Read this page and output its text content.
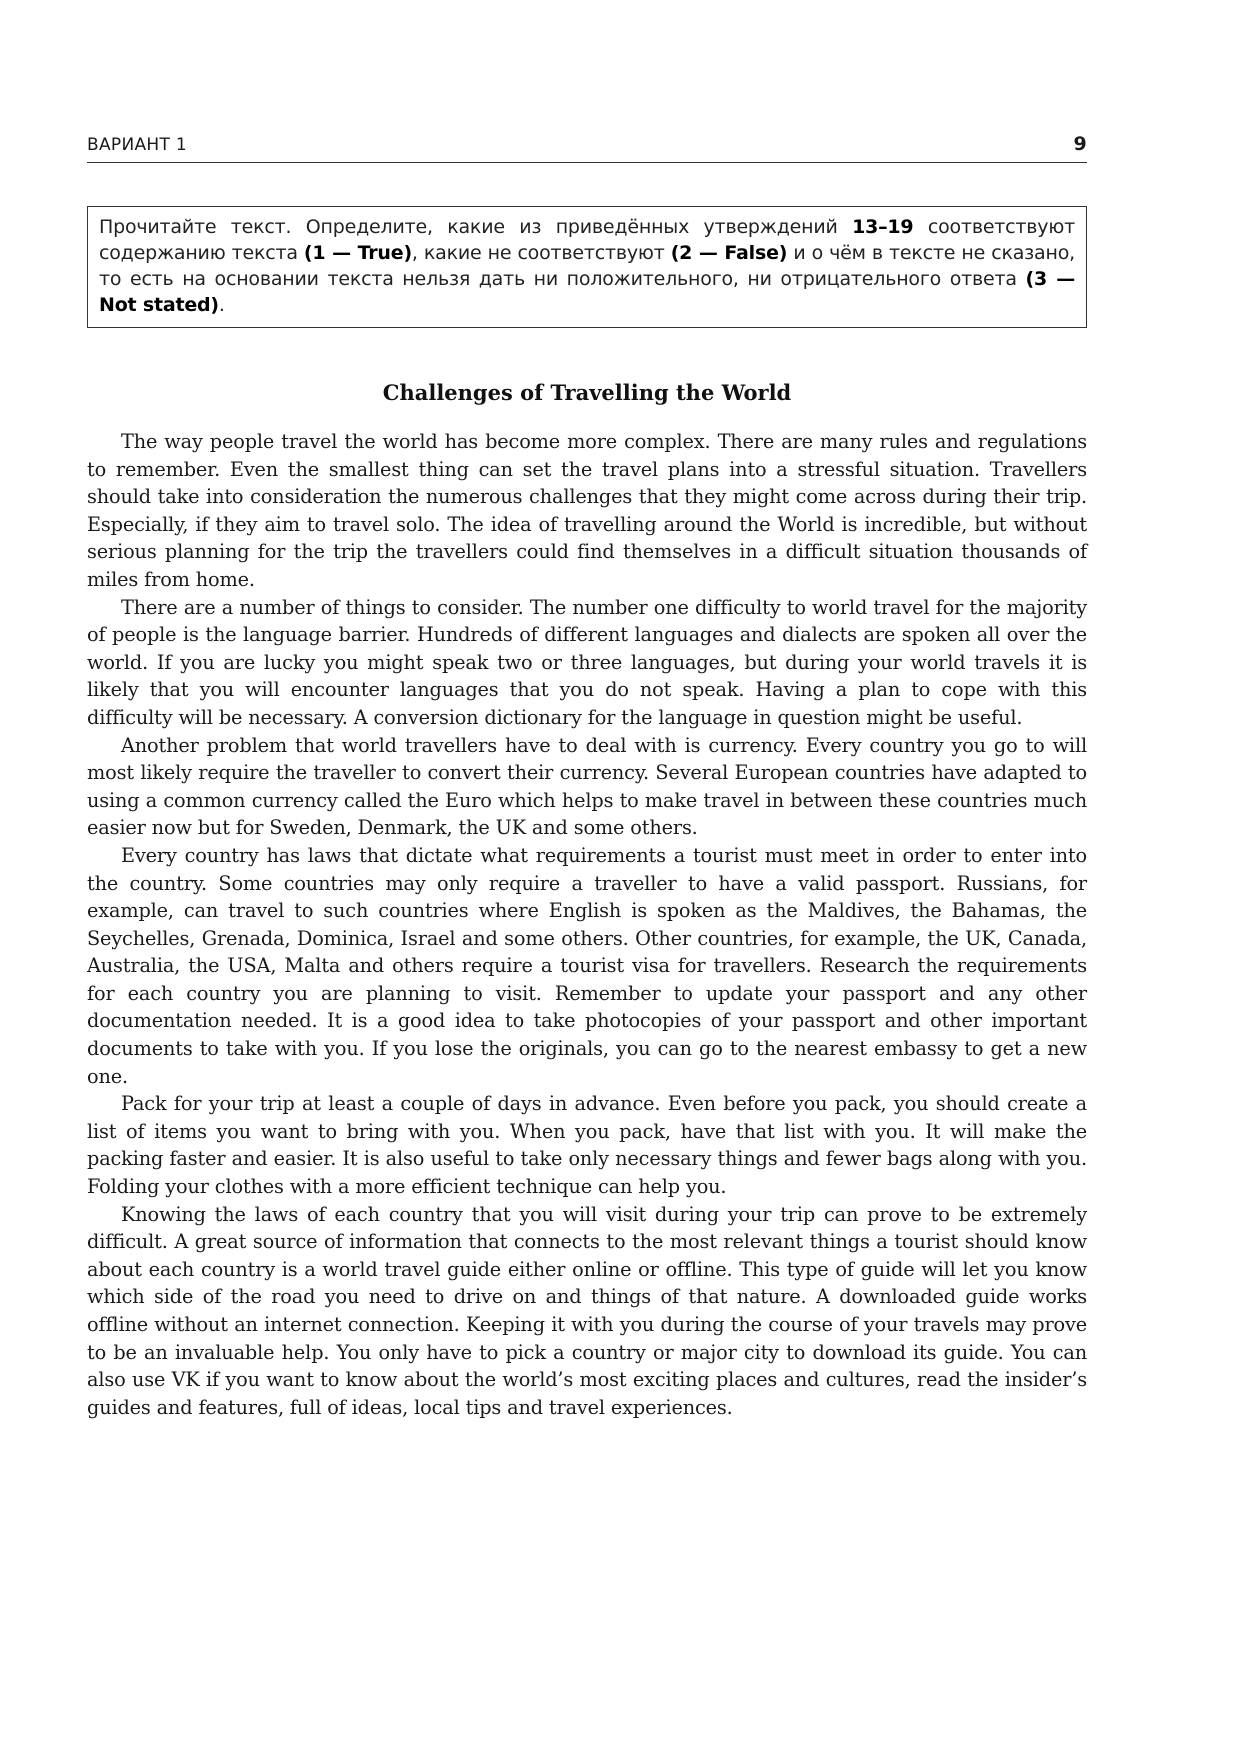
ВАРИАНТ 1	9
Прочитайте текст. Определите, какие из приведённых утверждений 13–19 соответствуют содержанию текста (1 — True), какие не соответствуют (2 — False) и о чём в тексте не сказано, то есть на основании текста нельзя дать ни положительного, ни отрицательного ответа (3 — Not stated).
Challenges of Travelling the World

The way people travel the world has become more complex. There are many rules and regulations to remember. Even the smallest thing can set the travel plans into a stressful situation. Travellers should take into consideration the numerous challenges that they might come across during their trip. Especially, if they aim to travel solo. The idea of travelling around the World is incredible, but without serious planning for the trip the travellers could find themselves in a difficult situation thousands of miles from home.

There are a number of things to consider. The number one difficulty to world travel for the majority of people is the language barrier. Hundreds of different languages and dialects are spoken all over the world. If you are lucky you might speak two or three languages, but during your world travels it is likely that you will encounter languages that you do not speak. Having a plan to cope with this difficulty will be necessary. A conversion dictionary for the language in question might be useful.

Another problem that world travellers have to deal with is currency. Every country you go to will most likely require the traveller to convert their currency. Several European countries have adapted to using a common currency called the Euro which helps to make travel in between these countries much easier now but for Sweden, Denmark, the UK and some others.

Every country has laws that dictate what requirements a tourist must meet in order to enter into the country. Some countries may only require a traveller to have a valid passport. Russians, for example, can travel to such countries where English is spoken as the Maldives, the Bahamas, the Seychelles, Grenada, Dominica, Israel and some others. Other countries, for example, the UK, Canada, Australia, the USA, Malta and others require a tourist visa for travellers. Research the requirements for each country you are planning to visit. Remember to update your passport and any other documentation needed. It is a good idea to take photocopies of your passport and other important documents to take with you. If you lose the originals, you can go to the nearest embassy to get a new one.

Pack for your trip at least a couple of days in advance. Even before you pack, you should create a list of items you want to bring with you. When you pack, have that list with you. It will make the packing faster and easier. It is also useful to take only necessary things and fewer bags along with you. Folding your clothes with a more efficient technique can help you.

Knowing the laws of each country that you will visit during your trip can prove to be extremely difficult. A great source of information that connects to the most relevant things a tourist should know about each country is a world travel guide either online or offline. This type of guide will let you know which side of the road you need to drive on and things of that nature. A downloaded guide works offline without an internet connection. Keeping it with you during the course of your travels may prove to be an invaluable help. You only have to pick a country or major city to download its guide. You can also use VK if you want to know about the world’s most exciting places and cultures, read the insider’s guides and features, full of ideas, local tips and travel experiences.
